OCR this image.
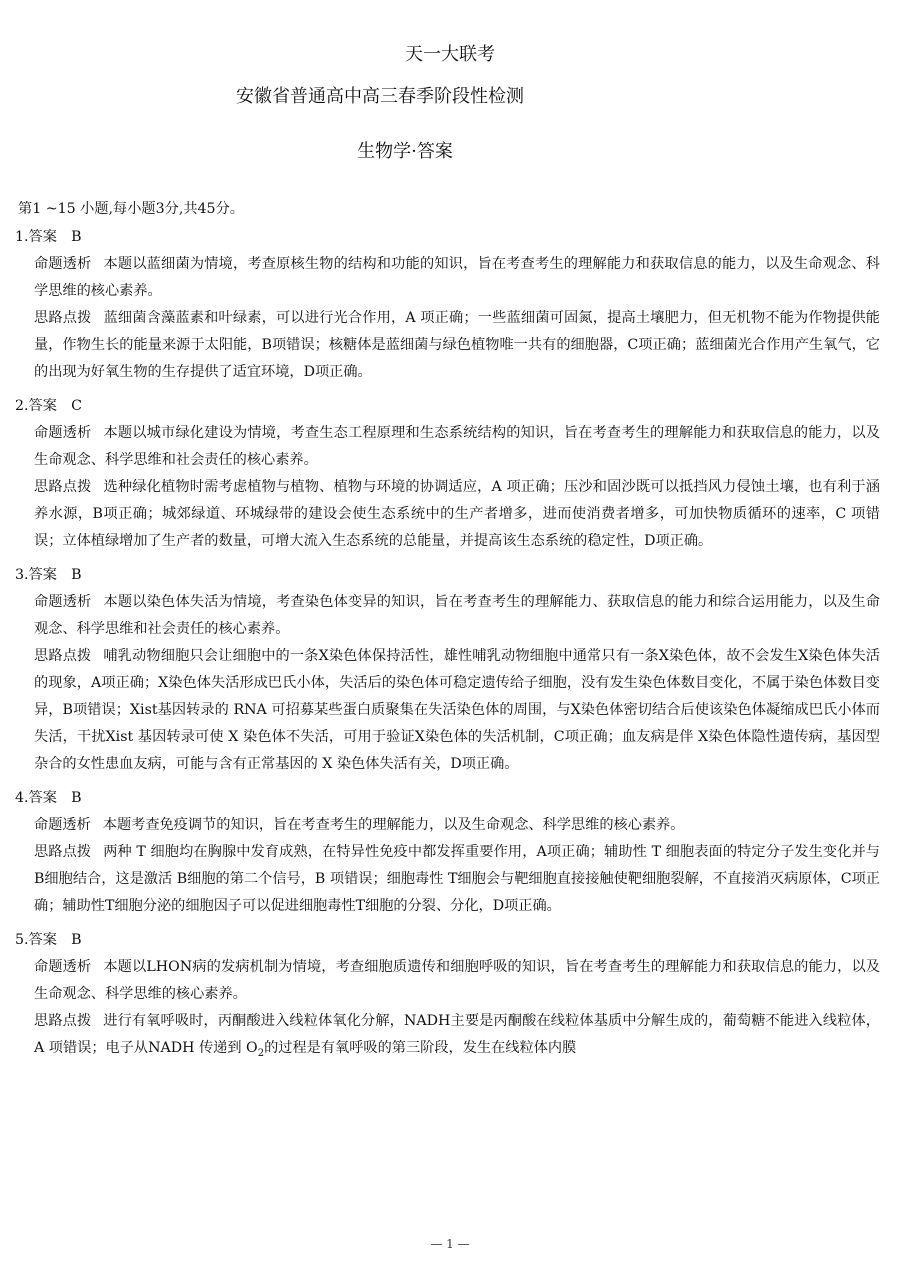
天一大联考
安徽省普通高中高三春季阶段性检测
生物学·答案
第1 ~15 小题,每小题3分,共45分。
1.答案　B
命题透析 本题以蓝细菌为情境，考查原核生物的结构和功能的知识，旨在考查考生的理解能力和获取信息的能力，以及生命观念、科学思维的核心素养。
思路点拨 蓝细菌含藻蓝素和叶绿素，可以进行光合作用，A 项正确；一些蓝细菌可固氮，提高土壤肥力，但无机物不能为作物提供能量，作物生长的能量来源于太阳能，B项错误；核糖体是蓝细菌与绿色植物唯一共有的细胞器，C项正确；蓝细菌光合作用产生氧气，它的出现为好氧生物的生存提供了适宜环境，D项正确。
2.答案　C
命题透析 本题以城市绿化建设为情境，考查生态工程原理和生态系统结构的知识，旨在考查考生的理解能力和获取信息的能力，以及生命观念、科学思维和社会责任的核心素养。
思路点拨 选种绿化植物时需考虑植物与植物、植物与环境的协调适应，A 项正确；压沙和固沙既可以抵挡风力侵蚀土壤，也有利于涵养水源，B项正确；城郊绿道、环城绿带的建设会使生态系统中的生产者增多，进而使消费者增多，可加快物质循环的速率，C 项错误；立体植绿增加了生产者的数量，可增大流入生态系统的总能量，并提高该生态系统的稳定性，D项正确。
3.答案　B
命题透析 本题以染色体失活为情境，考查染色体变异的知识，旨在考查考生的理解能力、获取信息的能力和综合运用能力，以及生命观念、科学思维和社会责任的核心素养。
思路点拨 哺乳动物细胞只会让细胞中的一条X染色体保持活性，雄性哺乳动物细胞中通常只有一条X染色体，故不会发生X染色体失活的现象，A项正确；X染色体失活形成巴氏小体，失活后的染色体可稳定遗传给子细胞，没有发生染色体数目变化，不属于染色体数目变异，B项错误；Xist基因转录的 RNA 可招募某些蛋白质聚集在失活染色体的周围，与X染色体密切结合后使该染色体凝缩成巴氏小体而失活，干扰Xist 基因转录可使 X 染色体不失活，可用于验证X染色体的失活机制，C项正确；血友病是伴 X染色体隐性遗传病，基因型杂合的女性患血友病，可能与含有正常基因的 X 染色体失活有关，D项正确。
4.答案　B
命题透析 本题考查免疫调节的知识，旨在考查考生的理解能力，以及生命观念、科学思维的核心素养。
思路点拨 两种 T 细胞均在胸腺中发育成熟，在特异性免疫中都发挥重要作用，A项正确；辅助性 T 细胞表面的特定分子发生变化并与B细胞结合，这是激活 B细胞的第二个信号，B 项错误；细胞毒性 T细胞会与靶细胞直接接触使靶细胞裂解，不直接消灭病原体，C项正确；辅助性T细胞分泌的细胞因子可以促进细胞毒性T细胞的分裂、分化，D项正确。
5.答案　B
命题透析 本题以LHON病的发病机制为情境，考查细胞质遗传和细胞呼吸的知识，旨在考查考生的理解能力和获取信息的能力，以及生命观念、科学思维的核心素养。
思路点拨 进行有氧呼吸时，丙酮酸进入线粒体氧化分解，NADH主要是丙酮酸在线粒体基质中分解生成的，葡萄糖不能进入线粒体，A 项错误；电子从NADH 传递到 $O_2$的过程是有氧呼吸的第三阶段，发生在线粒体内膜
— 1 —
